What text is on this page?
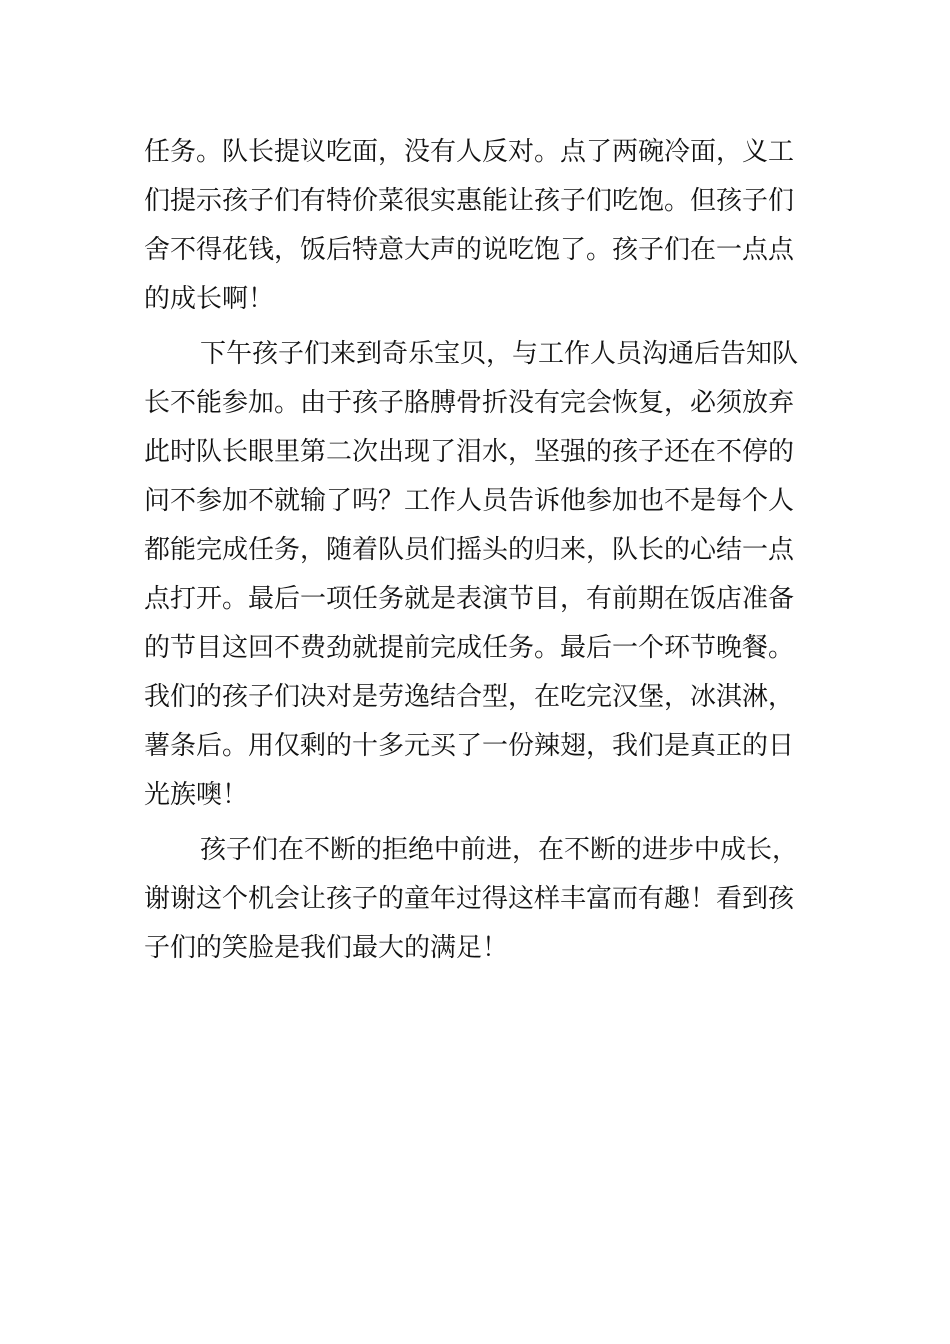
任务。队长提议吃面，没有人反对。点了两碗冷面，义工
们提示孩子们有特价菜很实惠能让孩子们吃饱。但孩子们
舍不得花钱，饭后特意大声的说吃饱了。孩子们在一点点
的成长啊！
下午孩子们来到奇乐宝贝，与工作人员沟通后告知队
长不能参加。由于孩子胳膊骨折没有完会恢复，必须放弃
此时队长眼里第二次出现了泪水，坚强的孩子还在不停的
问不参加不就输了吗？工作人员告诉他参加也不是每个人
都能完成任务，随着队员们摇头的归来，队长的心结一点
点打开。最后一项任务就是表演节目，有前期在饭店准备
的节目这回不费劲就提前完成任务。最后一个环节晚餐。
我们的孩子们决对是劳逸结合型，在吃完汉堡，冰淇淋，
薯条后。用仅剩的十多元买了一份辣翅，我们是真正的日
光族噢！
孩子们在不断的拒绝中前进，在不断的进步中成长，
谢谢这个机会让孩子的童年过得这样丰富而有趣！看到孩
子们的笑脸是我们最大的满足！
